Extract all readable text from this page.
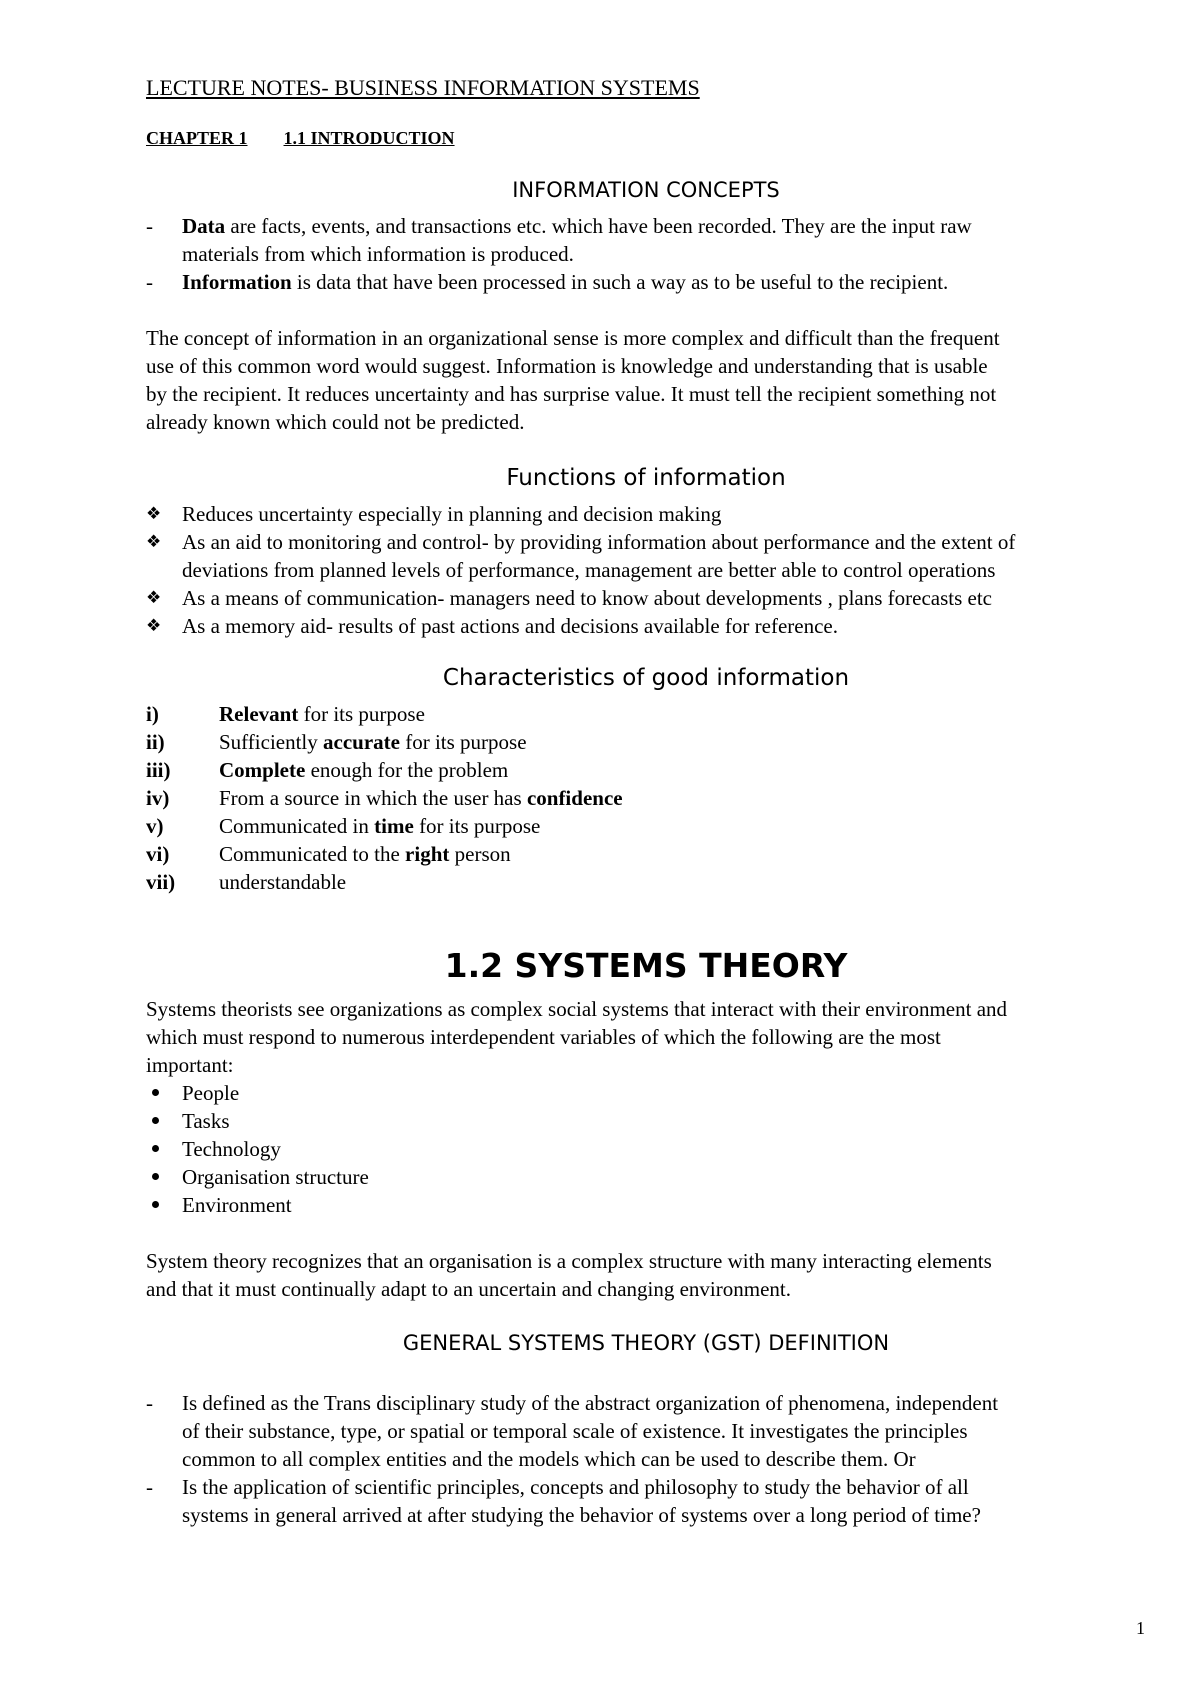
LECTURE NOTES- BUSINESS INFORMATION SYSTEMS
CHAPTER 1 1.1 INTRODUCTION
INFORMATION CONCEPTS
- Data are facts, events, and transactions etc. which have been recorded. They are the input raw
materials from which information is produced.
- Information is data that have been processed in such a way as to be useful to the recipient.
The concept of information in an organizational sense is more complex and difficult than the frequent
use of this common word would suggest. Information is knowledge and understanding that is usable
by the recipient. It reduces uncertainty and has surprise value. It must tell the recipient something not
already known which could not be predicted.
Functions of information
❖ Reduces uncertainty especially in planning and decision making
❖ As an aid to monitoring and control- by providing information about performance and the extent of
deviations from planned levels of performance, management are better able to control operations
❖ As a means of communication- managers need to know about developments , plans forecasts etc
❖ As a memory aid- results of past actions and decisions available for reference.
Characteristics of good information
i)	Relevant for its purpose
ii)	Sufficiently accurate for its purpose
iii) Complete enough for the problem
iv) From a source in which the user has confidence
v)	Communicated in time for its purpose
vi) Communicated to the right person
vii) understandable
1.2 SYSTEMS THEORY
Systems theorists see organizations as complex social systems that interact with their environment and
which must respond to numerous interdependent variables of which the following are the most
important:
People
Tasks
Technology
Organisation structure
Environment
System theory recognizes that an organisation is a complex structure with many interacting elements
and that it must continually adapt to an uncertain and changing environment.
GENERAL SYSTEMS THEORY (GST) DEFINITION
- Is defined as the Trans disciplinary study of the abstract organization of phenomena, independent
of their substance, type, or spatial or temporal scale of existence. It investigates the principles
common to all complex entities and the models which can be used to describe them. Or
- Is the application of scientific principles, concepts and philosophy to study the behavior of all
systems in general arrived at after studying the behavior of systems over a long period of time?
1
